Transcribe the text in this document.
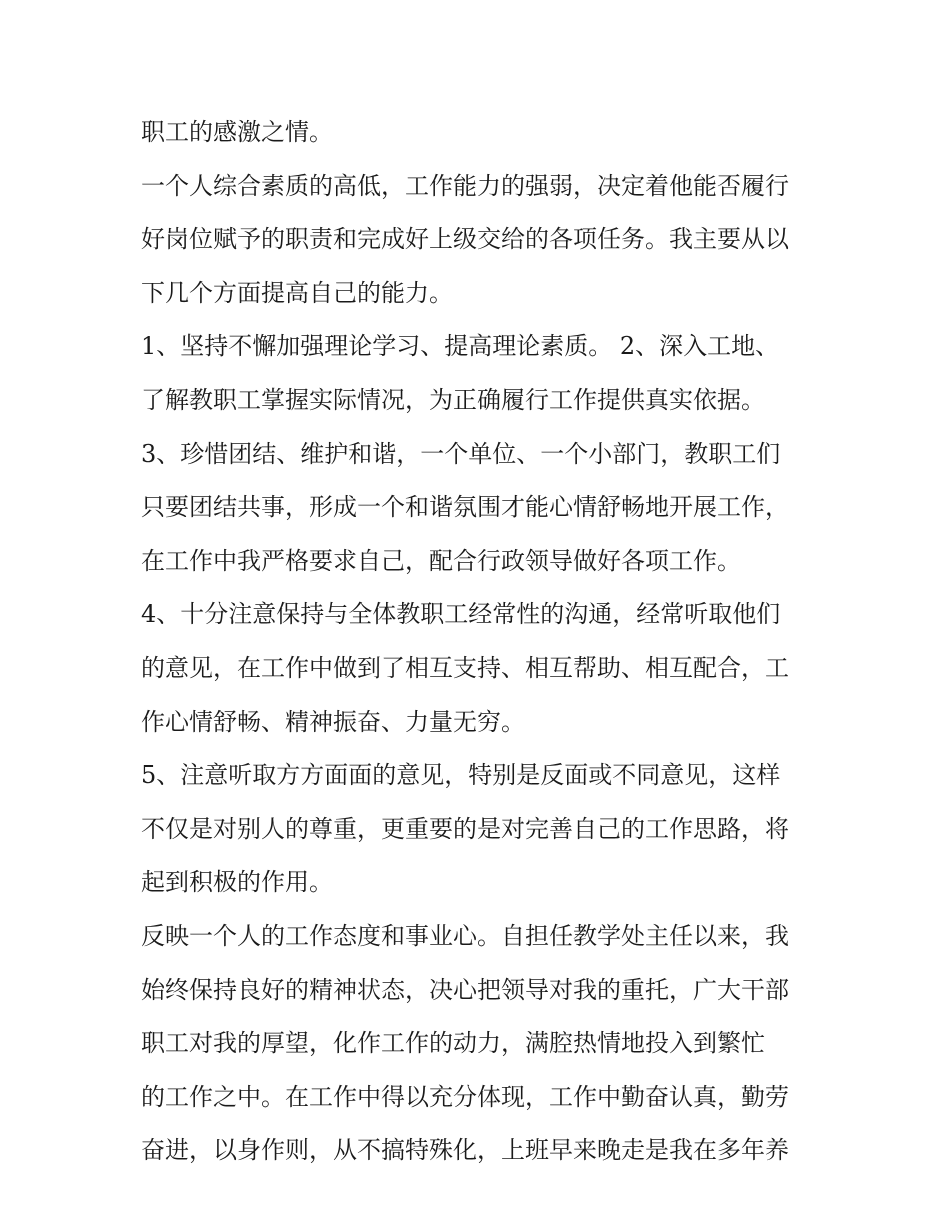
职工的感激之情。
一个人综合素质的高低，工作能力的强弱，决定着他能否履行
好岗位赋予的职责和完成好上级交给的各项任务。我主要从以
下几个方面提高自己的能力。
1、坚持不懈加强理论学习、提高理论素质。 2、深入工地、
了解教职工掌握实际情况，为正确履行工作提供真实依据。
3、珍惜团结、维护和谐，一个单位、一个小部门，教职工们
只要团结共事，形成一个和谐氛围才能心情舒畅地开展工作，
在工作中我严格要求自己，配合行政领导做好各项工作。
4、十分注意保持与全体教职工经常性的沟通，经常听取他们
的意见，在工作中做到了相互支持、相互帮助、相互配合，工
作心情舒畅、精神振奋、力量无穷。
5、注意听取方方面面的意见，特别是反面或不同意见，这样
不仅是对别人的尊重，更重要的是对完善自己的工作思路，将
起到积极的作用。
反映一个人的工作态度和事业心。自担任教学处主任以来，我
始终保持良好的精神状态，决心把领导对我的重托，广大干部
职工对我的厚望，化作工作的动力，满腔热情地投入到繁忙
的工作之中。在工作中得以充分体现，工作中勤奋认真，勤劳
奋进，以身作则，从不搞特殊化，上班早来晚走是我在多年养
